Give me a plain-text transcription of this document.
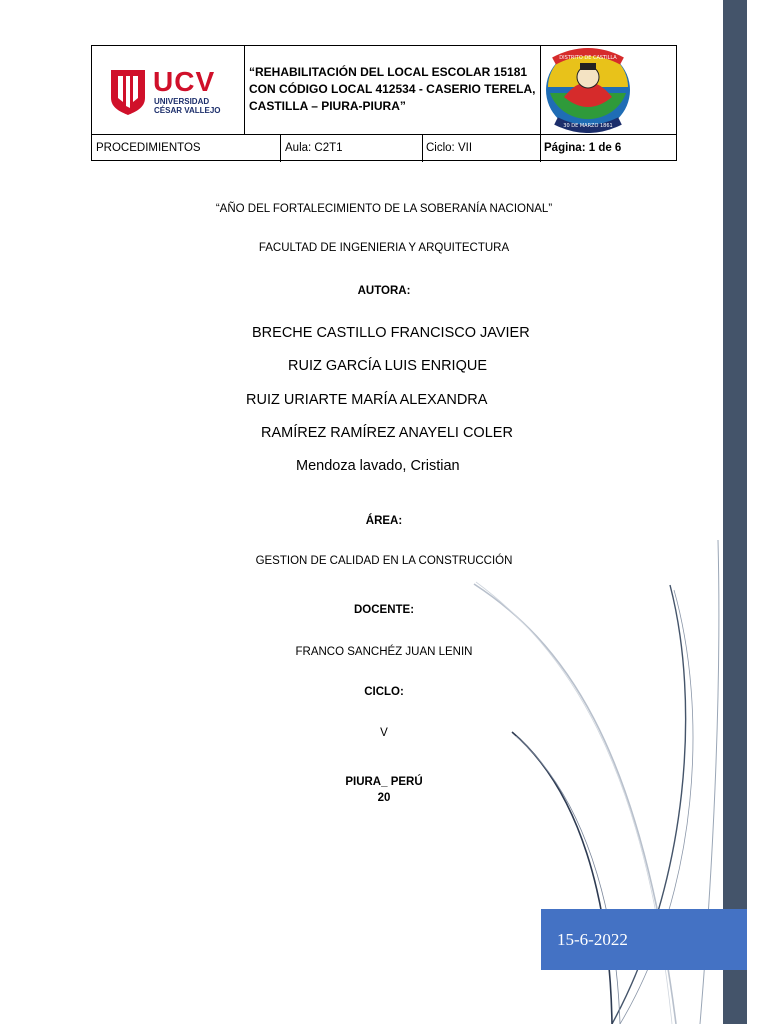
UCV
UNIVERSIDAD
CÉSAR VALLEJO
“REHABILITACIÓN DEL LOCAL ESCOLAR 15181
CON CÓDIGO LOCAL 412534 - CASERIO TERELA,
CASTILLA – PIURA-PIURA”
DISTRITO DE CASTILLA
30 DE MARZO 1861
PROCEDIMIENTOS	Aula: C2T1	Ciclo: VII	Página: 1 de 6
“AÑO DEL FORTALECIMIENTO DE LA SOBERANÍA NACIONAL”
FACULTAD DE INGENIERIA Y ARQUITECTURA
AUTORA:
BRECHE CASTILLO FRANCISCO JAVIER
RUIZ GARCÍA LUIS ENRIQUE
RUIZ URIARTE MARÍA ALEXANDRA
RAMÍREZ RAMÍREZ ANAYELI COLER
Mendoza lavado, Cristian
ÁREA:
GESTION DE CALIDAD EN LA CONSTRUCCIÓN
DOCENTE:
FRANCO SANCHÉZ JUAN LENIN
CICLO:
V
PIURA_ PERÚ
20
15-6-2022
